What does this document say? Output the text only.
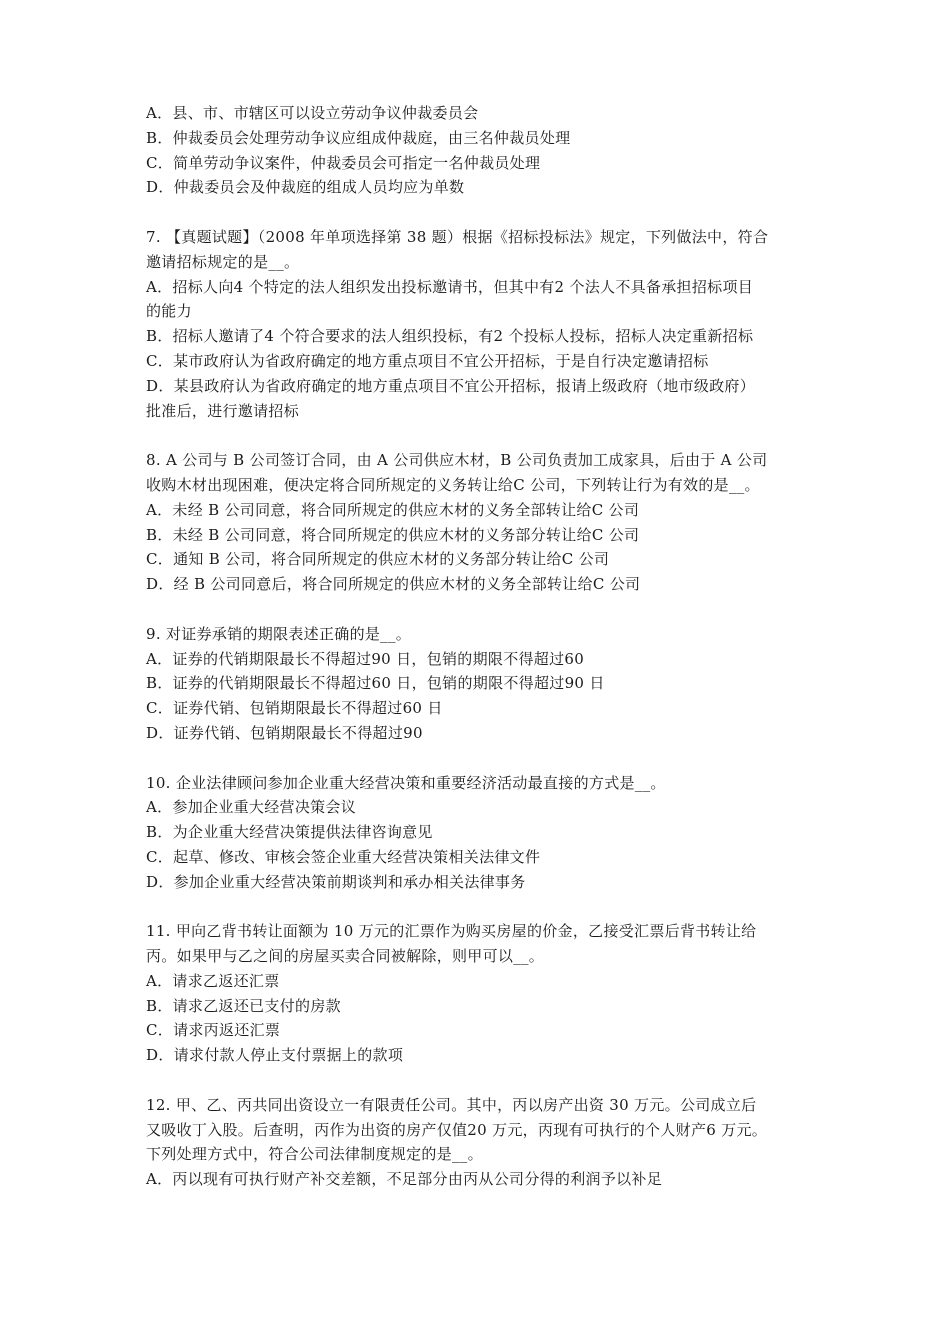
A．县、市、市辖区可以设立劳动争议仲裁委员会
B．仲裁委员会处理劳动争议应组成仲裁庭，由三名仲裁员处理
C．简单劳动争议案件，仲裁委员会可指定一名仲裁员处理
D．仲裁委员会及仲裁庭的组成人员均应为单数
7. 【真题试题】（2008 年单项选择第 38 题）根据《招标投标法》规定，下列做法中，符合
邀请招标规定的是__。
A．招标人向4 个特定的法人组织发出投标邀请书，但其中有2 个法人不具备承担招标项目
的能力
B．招标人邀请了4 个符合要求的法人组织投标，有2 个投标人投标，招标人决定重新招标
C．某市政府认为省政府确定的地方重点项目不宜公开招标，于是自行决定邀请招标
D．某县政府认为省政府确定的地方重点项目不宜公开招标，报请上级政府（地市级政府）
批准后，进行邀请招标
8. A 公司与 B 公司签订合同，由 A 公司供应木材，B 公司负责加工成家具，后由于 A 公司
收购木材出现困难，便决定将合同所规定的义务转让给C 公司，下列转让行为有效的是__。
A．未经 B 公司同意，将合同所规定的供应木材的义务全部转让给C 公司
B．未经 B 公司同意，将合同所规定的供应木材的义务部分转让给C 公司
C．通知 B 公司，将合同所规定的供应木材的义务部分转让给C 公司
D．经 B 公司同意后，将合同所规定的供应木材的义务全部转让给C 公司
9. 对证券承销的期限表述正确的是__。
A．证券的代销期限最长不得超过90 日，包销的期限不得超过60
B．证券的代销期限最长不得超过60 日，包销的期限不得超过90 日
C．证券代销、包销期限最长不得超过60 日
D．证券代销、包销期限最长不得超过90
10. 企业法律顾问参加企业重大经营决策和重要经济活动最直接的方式是__。
A．参加企业重大经营决策会议
B．为企业重大经营决策提供法律咨询意见
C．起草、修改、审核会签企业重大经营决策相关法律文件
D．参加企业重大经营决策前期谈判和承办相关法律事务
11. 甲向乙背书转让面额为 10 万元的汇票作为购买房屋的价金，乙接受汇票后背书转让给
丙。如果甲与乙之间的房屋买卖合同被解除，则甲可以__。
A．请求乙返还汇票
B．请求乙返还已支付的房款
C．请求丙返还汇票
D．请求付款人停止支付票据上的款项
12. 甲、乙、丙共同出资设立一有限责任公司。其中，丙以房产出资 30 万元。公司成立后
又吸收丁入股。后查明，丙作为出资的房产仅值20 万元，丙现有可执行的个人财产6 万元。
下列处理方式中，符合公司法律制度规定的是__。
A．丙以现有可执行财产补交差额，不足部分由丙从公司分得的利润予以补足
